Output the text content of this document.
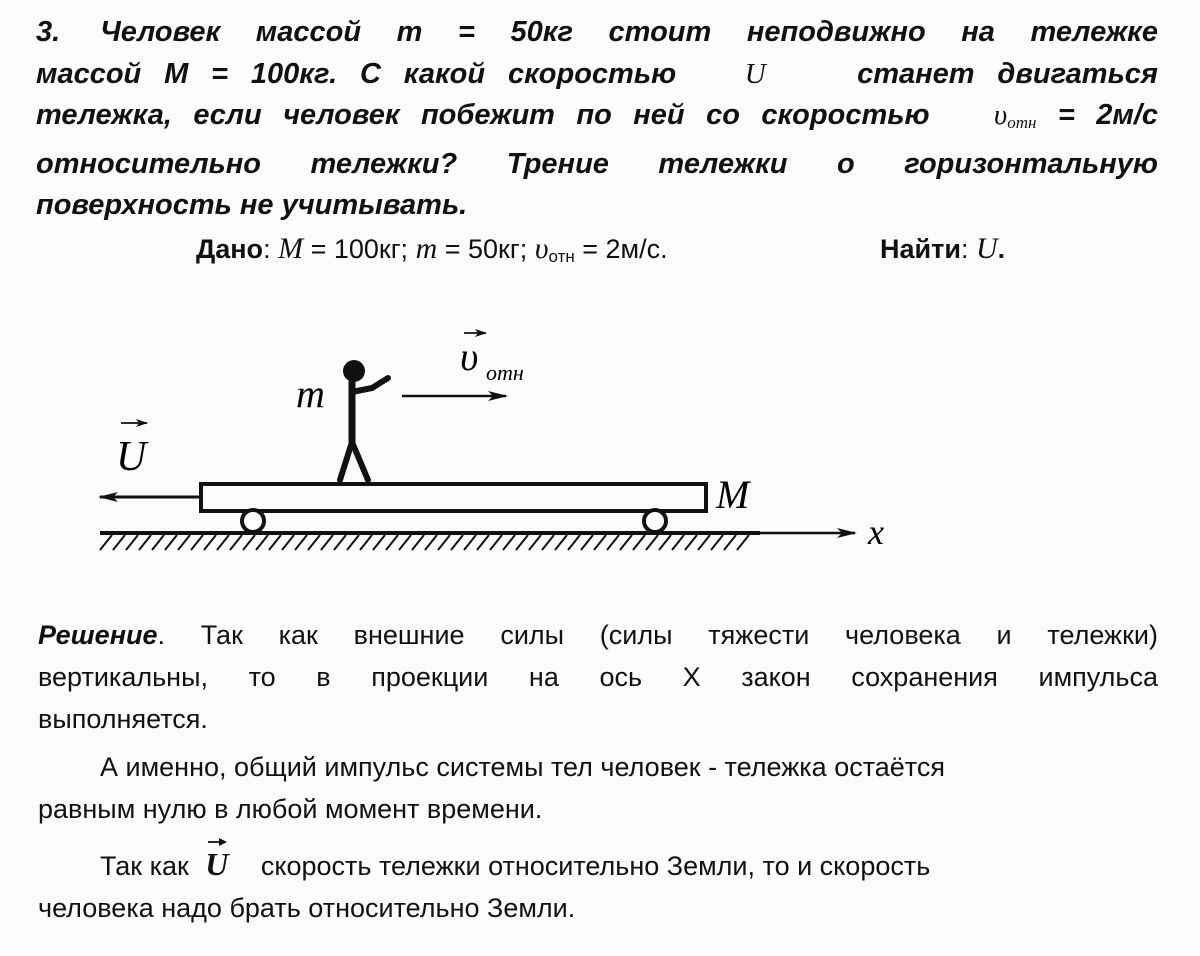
3. Человек массой m = 50кг стоит неподвижно на тележке
массой М = 100кг. С какой скоростью U	станет двигаться
тележка, если человек побежит по ней со скоростью $\upsilon_{отн} = 2м/с$
относительно тележки? Трение тележки о горизонтальную
поверхность не учитывать.
Дано: M = 100кг; m = 50кг; $\upsilon_{отн} = 2м/с$.	Найти: U.
x
M
m
υ отн
U
Решение. Так как внешние силы (силы тяжести человека и тележки)
вертикальны, то в проекции на ось Х закон сохранения импульса
выполняется.
А именно, общий импульс системы тел человек - тележка остаётся
равным нулю в любой момент времени.
Так как U скорость тележки относительно Земли, то и скорость
человека надо брать относительно Земли.
